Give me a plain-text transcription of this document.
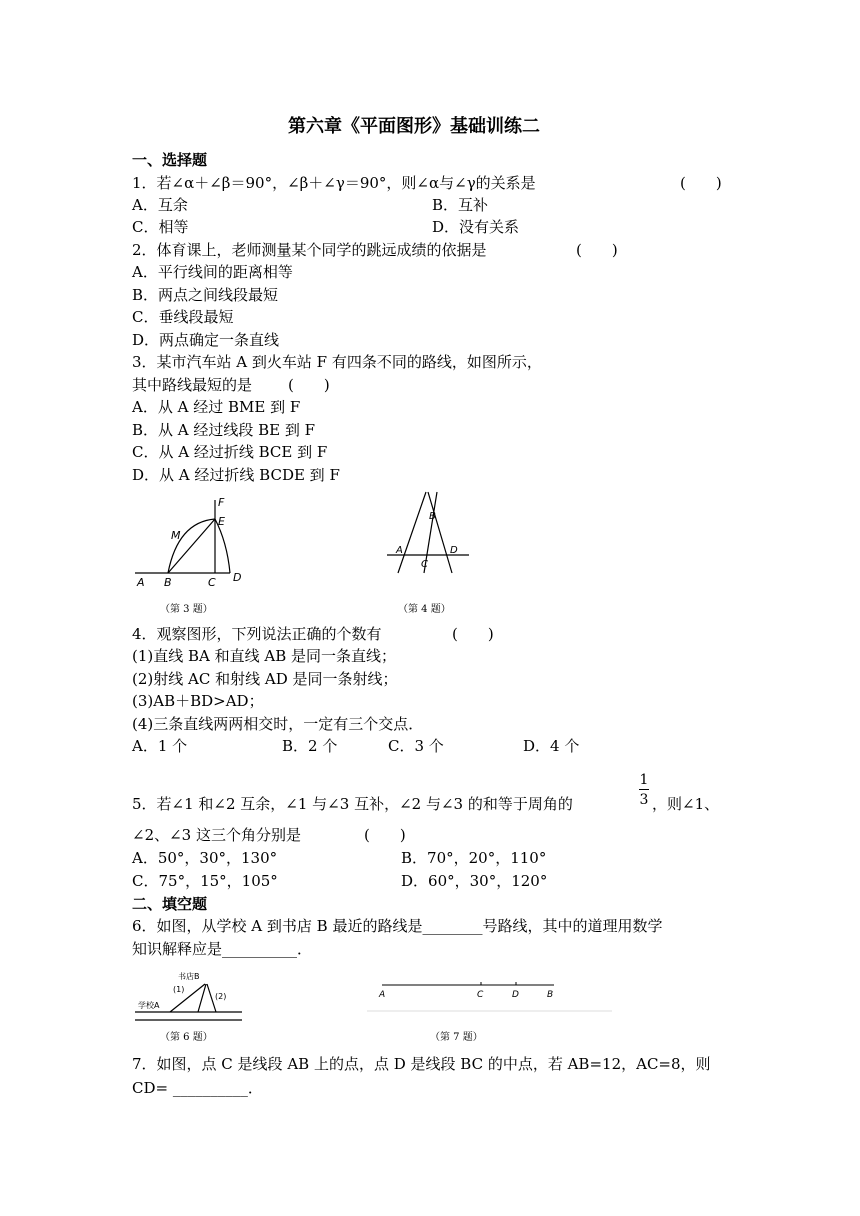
第六章《平面图形》基础训练二
一、选择题
1．若∠α＋∠β＝90°，∠β＋∠γ＝90°，则∠α与∠γ的关系是	(　　)
A．互余	B．互补
C．相等	D．没有关系
2．体育课上，老师测量某个同学的跳远成绩的依据是	(　　)
A．平行线间的距离相等
B．两点之间线段最短
C．垂线段最短
D．两点确定一条直线
3．某市汽车站 A 到火车站 F 有四条不同的路线，如图所示，
其中路线最短的是 (　　)
A．从 A 经过 BME 到 F
B．从 A 经过线段 BE 到 F
C．从 A 经过折线 BCE 到 F
D．从 A 经过折线 BCDE 到 F
A B	C D
E
F
M
（第 3 题）
B
A	D
C
（第 4 题）
4．观察图形，下列说法正确的个数有	(　　)
(1)直线 BA 和直线 AB 是同一条直线；
(2)射线 AC 和射线 AD 是同一条射线；
(3)AB＋BD>AD；
(4)三条直线两两相交时，一定有三个交点．
A．1 个	B．2 个	C．3 个	D．4 个
5．若∠1 和∠2 互余，∠1 与∠3 互补，∠2 与∠3 的和等于周角的
1
3 ，则∠1、
∠2、∠3 这三个角分别是	(　　)
A．50°，30°，130°	B．70°，20°，110°
C．75°，15°，105°	D．60°，30°，120°
二、填空题
6．如图，从学校 A 到书店 B 最近的路线是________号路线，其中的道理用数学
知识解释应是__________．
书店B
学校A
(1)
(2)
（第 6 题）
A	C	D	B
（第 7 题）
7．如图，点 C 是线段 AB 上的点，点 D 是线段 BC 的中点，若 AB=12，AC=8，则
CD= __________．
